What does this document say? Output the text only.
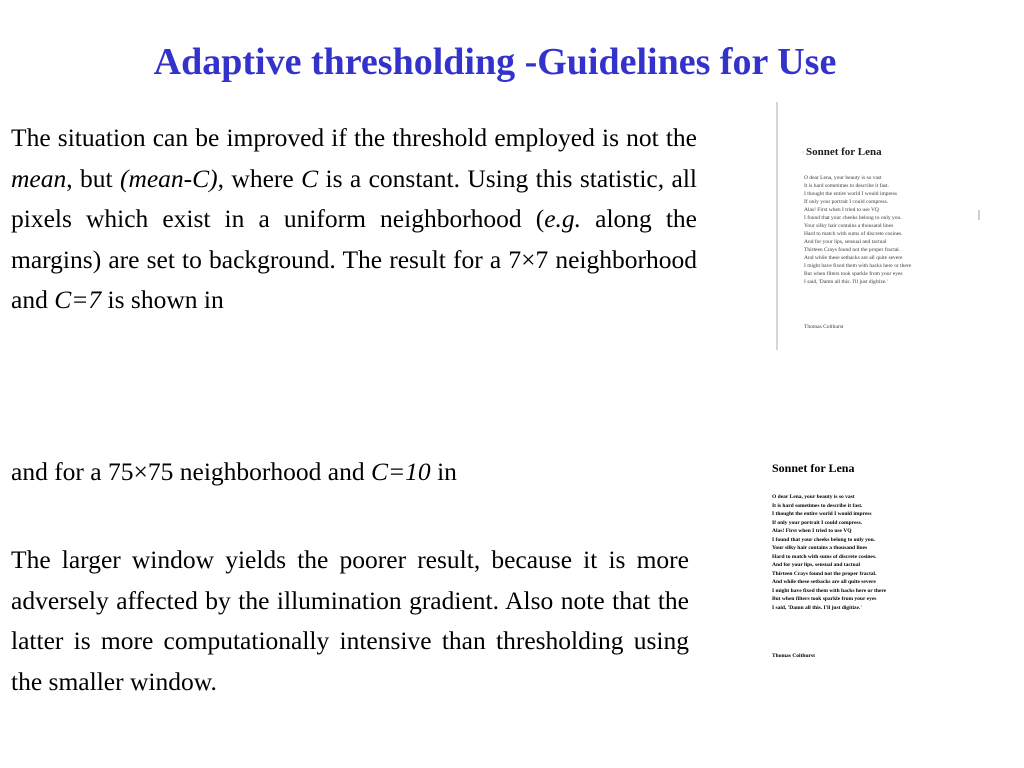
Adaptive thresholding -Guidelines for Use
The situation can be improved if the threshold employed is not the mean, but (mean-C), where C is a constant. Using this statistic, all pixels which exist in a uniform neighborhood (e.g. along the margins) are set to background. The result for a 7×7 neighborhood and C=7 is shown in
and for a 75×75 neighborhood and C=10 in
The larger window yields the poorer result, because it is more adversely affected by the illumination gradient. Also note that the latter is more computationally intensive than thresholding using the smaller window.
· Sonnet for Lena
O dear Lena, your beauty is so vast
It is hard sometimes to describe it fast.
I thought the entire world I would impress
If only your portrait I could compress.
Alas! First when I tried to use VQ
I found that your cheeks belong to only you.
Your silky hair contains a thousand lines
Hard to match with sums of discrete cosines.
And for your lips, sensual and tactual
Thirteen Crays found not the proper fractal.
And while these setbacks are all quite severe
I might have fixed them with hacks here or there
But when filters took sparkle from your eyes
I said, 'Damn all this. I'll just digitize.'
Thomas Colthurst
Sonnet for Lena
O dear Lena, your beauty is so vast
It is hard sometimes to describe it fast.
I thought the entire world I would impress
If only your portrait I could compress.
Alas! First when I tried to use VQ
I found that your cheeks belong to only you.
Your silky hair contains a thousand lines
Hard to match with sums of discrete cosines.
And for your lips, sensual and tactual
Thirteen Crays found not the proper fractal.
And while these setbacks are all quite severe
I might have fixed them with hacks here or there
But when filters took sparkle from your eyes
I said, 'Damn all this. I'll just digitize.'
Thomas Colthurst
